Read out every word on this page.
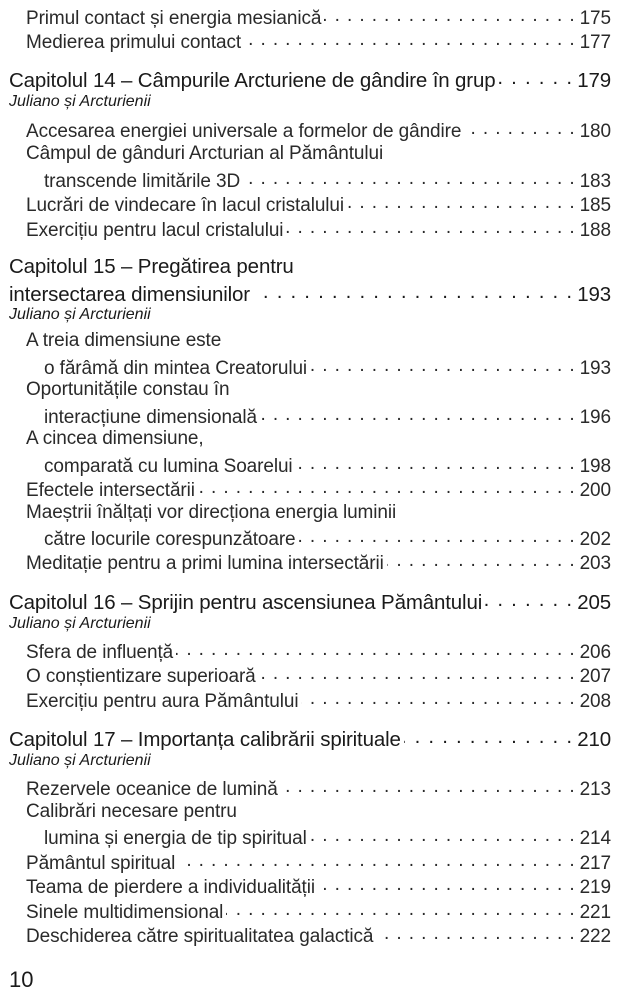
Primul contact și energia mesianică . . .	175
Medierea primului contact . . .	177
Capitolul 14 – Câmpurile Arcturiene de gândire în grup . . .	179
Juliano și Arcturienii
Accesarea energiei universale a formelor de gândire . . .	180
Câmpul de gânduri Arcturian al Pământului
transcende limitările 3D . . .	183
Lucrări de vindecare în lacul cristalului . . .	185
Exercițiu pentru lacul cristalului . . .	188
Capitolul 15 – Pregătirea pentru
intersectarea dimensiunilor . . .	193
Juliano și Arcturienii
A treia dimensiune este
o fărâmă din mintea Creatorului . . .	193
Oportunitățile constau în
interacțiune dimensională . . .	196
A cincea dimensiune,
comparată cu lumina Soarelui . . .	198
Efectele intersectării . . .	200
Maeștrii înălțați vor direcționa energia luminii
către locurile corespunzătoare . . .	202
Meditație pentru a primi lumina intersectării . . .	203
Capitolul 16 – Sprijin pentru ascensiunea Pământului . . .	205
Juliano și Arcturienii
Sfera de influență . . .	206
O conștientizare superioară . . .	207
Exercițiu pentru aura Pământului . . .	208
Capitolul 17 – Importanța calibrării spirituale . . .	210
Juliano și Arcturienii
Rezervele oceanice de lumină . . .	213
Calibrări necesare pentru
lumina și energia de tip spiritual . . .	214
Pământul spiritual . . .	217
Teama de pierdere a individualității . . .	219
Sinele multidimensional . . .	221
Deschiderea către spiritualitatea galactică . . .	222
10
